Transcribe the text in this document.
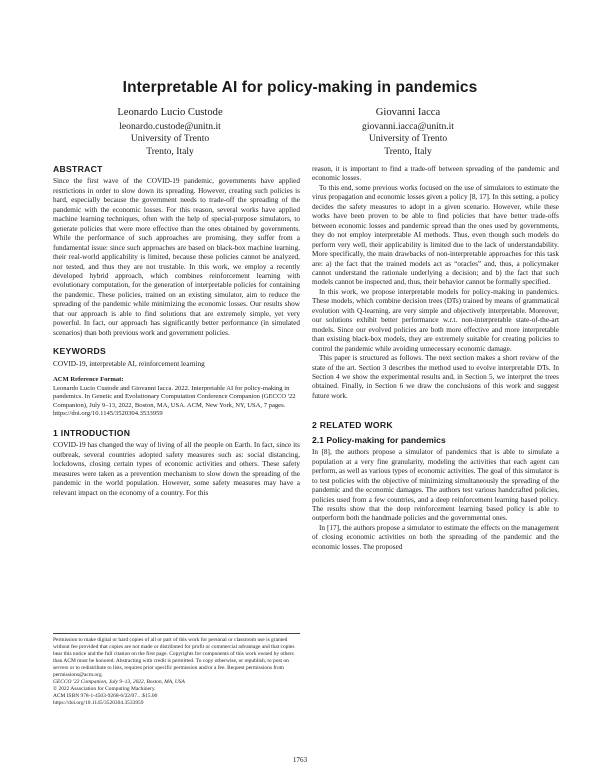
Interpretable AI for policy-making in pandemics
Leonardo Lucio Custode
leonardo.custode@unitn.it
University of Trento
Trento, Italy
Giovanni Iacca
giovanni.iacca@unitn.it
University of Trento
Trento, Italy
ABSTRACT

Since the first wave of the COVID-19 pandemic, governments have applied restrictions in order to slow down its spreading. However, creating such policies is hard, especially because the government needs to trade-off the spreading of the pandemic with the economic losses. For this reason, several works have applied machine learning techniques, often with the help of special-purpose simulators, to generate policies that were more effective than the ones obtained by governments. While the performance of such approaches are promising, they suffer from a fundamental issue: since such approaches are based on black-box machine learning, their real-world applicability is limited, because these policies cannot be analyzed, nor tested, and thus they are not trustable. In this work, we employ a recently developed hybrid approach, which combines reinforcement learning with evolutionary computation, for the generation of interpretable policies for containing the pandemic. These policies, trained on an existing simulator, aim to reduce the spreading of the pandemic while minimizing the economic losses. Our results show that our approach is able to find solutions that are extremely simple, yet very powerful. In fact, our approach has significantly better performance (in simulated scenarios) than both previous work and government policies.

KEYWORDS

COVID-19, interpretable AI, reinforcement learning

ACM Reference Format:
Leonardo Lucio Custode and Giovanni Iacca. 2022. Interpretable AI for policy-making in pandemics. In Genetic and Evolutionary Computation Conference Companion (GECCO '22 Companion), July 9–13, 2022, Boston, MA, USA. ACM, New York, NY, USA, 7 pages. https://doi.org/10.1145/3520304.3533959
1 INTRODUCTION

COVID-19 has changed the way of living of all the people on Earth. In fact, since its outbreak, several countries adopted safety measures such as: social distancing, lockdowns, closing certain types of economic activities and others. These safety measures were taken as a prevention mechanism to slow down the spreading of the pandemic in the world population. However, some safety measures may have a relevant impact on the economy of a country. For this

Permission to make digital or hard copies of all or part of this work for personal or classroom use is granted without fee provided that copies are not made or distributed for profit or commercial advantage and that copies bear this notice and the full citation on the first page. Copyrights for components of this work owned by others than ACM must be honored. Abstracting with credit is permitted. To copy otherwise, or republish, to post on servers or to redistribute to lists, requires prior specific permission and/or a fee. Request permissions from permissions@acm.org.
GECCO '22 Companion, July 9–13, 2022, Boston, MA, USA
© 2022 Association for Computing Machinery.
ACM ISBN 978-1-4503-9268-6/22/07…$15.00
https://doi.org/10.1145/3520304.3533959

reason, it is important to find a trade-off between spreading of the pandemic and economic losses.

To this end, some previous works focused on the use of simulators to estimate the virus propagation and economic losses given a policy [8, 17]. In this setting, a policy decides the safety measures to adopt in a given scenario. However, while these works have been proven to be able to find policies that have better trade-offs between economic losses and pandemic spread than the ones used by governments, they do not employ interpretable AI methods. Thus, even though such models do perform very well, their applicability is limited due to the lack of understandability. More specifically, the main drawbacks of non-interpretable approaches for this task are: a) the fact that the trained models act as “oracles” and, thus, a policymaker cannot understand the rationale underlying a decision; and b) the fact that such models cannot be inspected and, thus, their behavior cannot be formally specified.

In this work, we propose interpretable models for policy-making in pandemics. These models, which combine decision trees (DTs) trained by means of grammatical evolution with Q-learning, are very simple and objectively interpretable. Moreover, our solutions exhibit better performance w.r.t. non-interpretable state-of-the-art models. Since our evolved policies are both more effective and more interpretable than existing black-box models, they are extremely suitable for creating policies to control the pandemic while avoiding unnecessary economic damage.

This paper is structured as follows. The next section makes a short review of the state of the art. Section 3 describes the method used to evolve interpretable DTs. In Section 4 we show the experimental results and, in Section 5, we interpret the trees obtained. Finally, in Section 6 we draw the conclusions of this work and suggest future work.

2 RELATED WORK
2.1 Policy-making for pandemics

In [8], the authors propose a simulator of pandemics that is able to simulate a population at a very fine granularity, modeling the activities that each agent can perform, as well as various types of economic activities. The goal of this simulator is to test policies with the objective of minimizing simultaneously the spreading of the pandemic and the economic damages. The authors test various handcrafted policies, policies used from a few countries, and a deep reinforcement learning based policy. The results show that the deep reinforcement learning based policy is able to outperform both the handmade policies and the governmental ones.

In [17], the authors propose a simulator to estimate the effects on the management of closing economic activities on both the spreading of the pandemic and the economic losses. The proposed

1763
